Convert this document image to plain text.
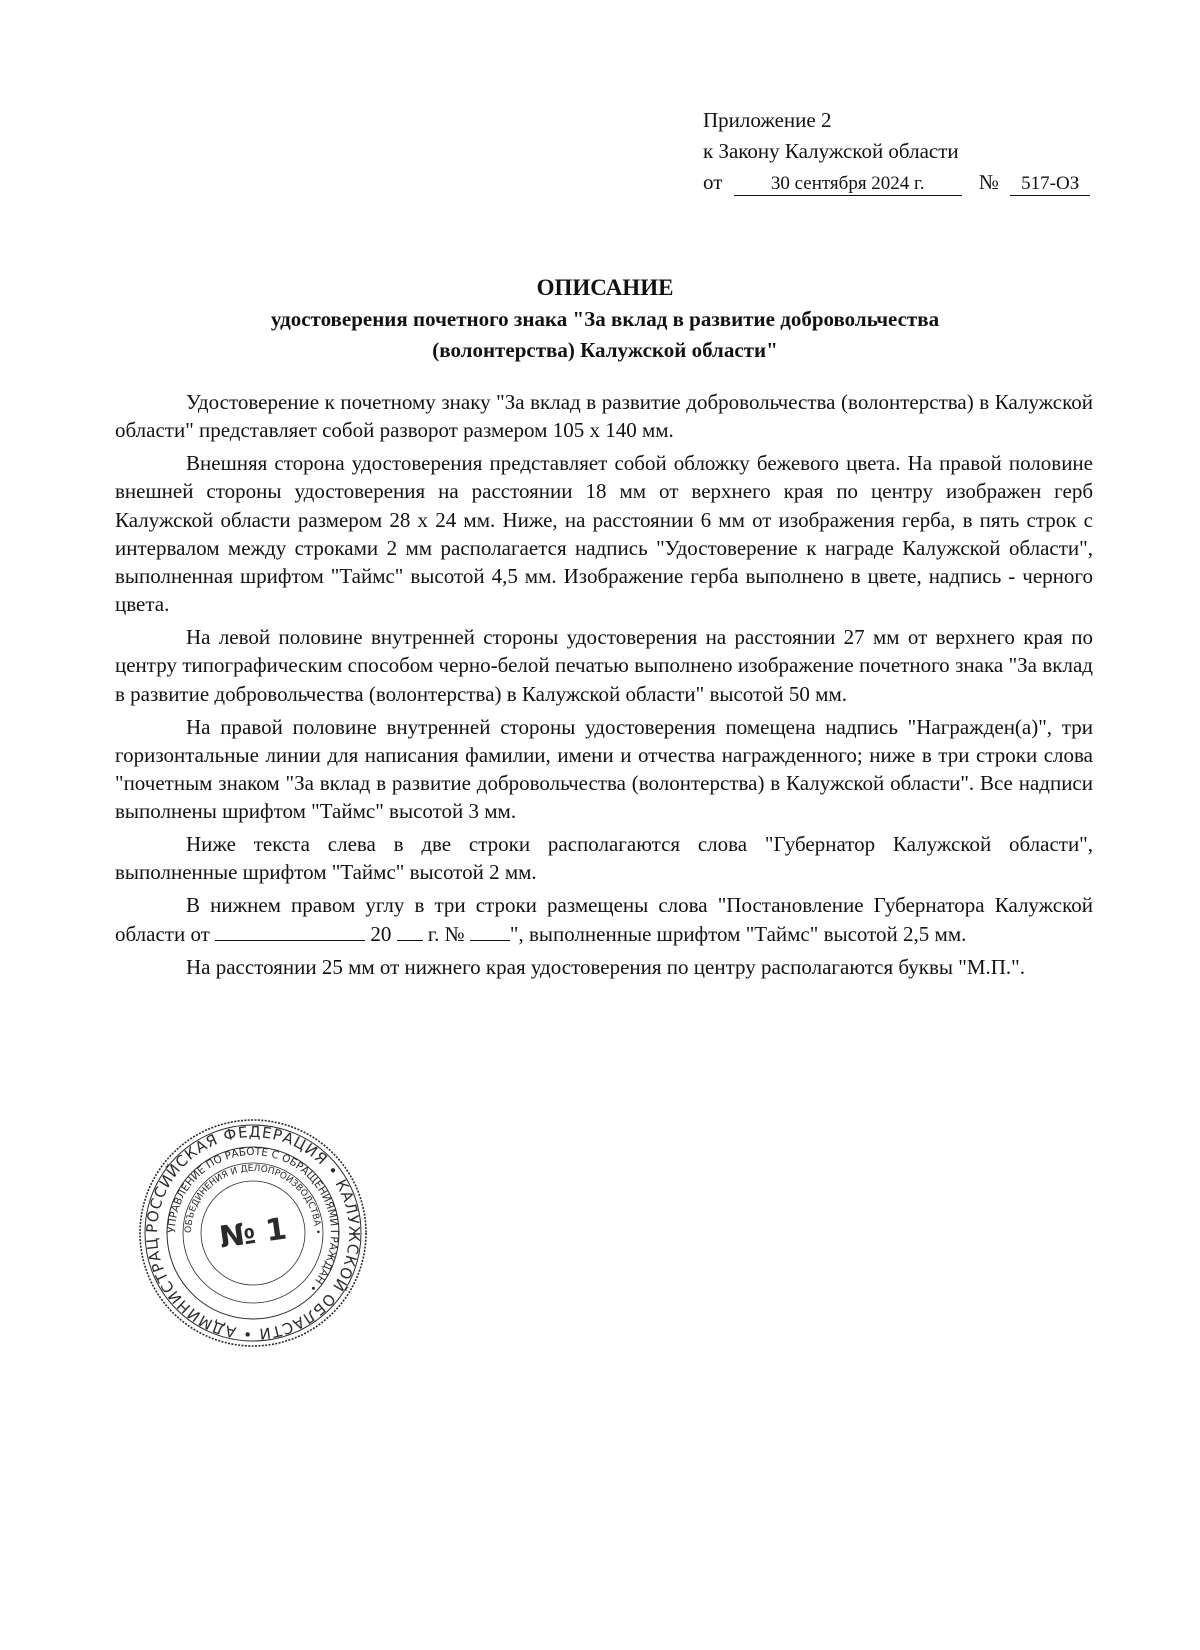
Приложение 2
к Закону Калужской области
от	30 сентября 2024 г.	№ 517-ОЗ
ОПИСАНИЕ
удостоверения почетного знака "За вклад в развитие добровольчества
(волонтерства) Калужской области"

Удостоверение к почетному знаку "За вклад в развитие добровольчества (волонтерства) в Калужской области" представляет собой разворот размером 105 х 140 мм.

Внешняя сторона удостоверения представляет собой обложку бежевого цвета. На правой половине внешней стороны удостоверения на расстоянии 18 мм от верхнего края по центру изображен герб Калужской области размером 28 х 24 мм. Ниже, на расстоянии 6 мм от изображения герба, в пять строк с интервалом между строками 2 мм располагается надпись "Удостоверение к награде Калужской области", выполненная шрифтом "Таймс" высотой 4,5 мм. Изображение герба выполнено в цвете, надпись - черного цвета.

На левой половине внутренней стороны удостоверения на расстоянии 27 мм от верхнего края по центру типографическим способом черно-белой печатью выполнено изображение почетного знака "За вклад в развитие добровольчества (волонтерства) в Калужской области" высотой 50 мм.

На правой половине внутренней стороны удостоверения помещена надпись "Награжден(а)", три горизонтальные линии для написания фамилии, имени и отчества награжденного; ниже в три строки слова "почетным знаком "За вклад в развитие добровольчества (волонтерства) в Калужской области". Все надписи выполнены шрифтом "Таймс" высотой 3 мм.

Ниже текста слева в две строки располагаются слова "Губернатор Калужской области", выполненные шрифтом "Таймс" высотой 2 мм.

В нижнем правом углу в три строки размещены слова "Постановление Губернатора Калужской области от	20 г. № ", выполненные шрифтом "Таймс" высотой 2,5 мм.

На расстоянии 25 мм от нижнего края удостоверения по центру располагаются буквы "М.П.".

РОССИЙСКАЯ ФЕДЕРАЦИЯ • КАЛУЖСКОЙ ОБЛАСТИ • АДМИНИСТРАЦ
УПРАВЛЕНИЕ ПО РАБОТЕ С ОБРАЩЕНИЯМИ ГРАЖДАН •
ОБЪЕДИНЕНИЯ И ДЕЛОПРОИЗВОДСТВА •
№ 1
